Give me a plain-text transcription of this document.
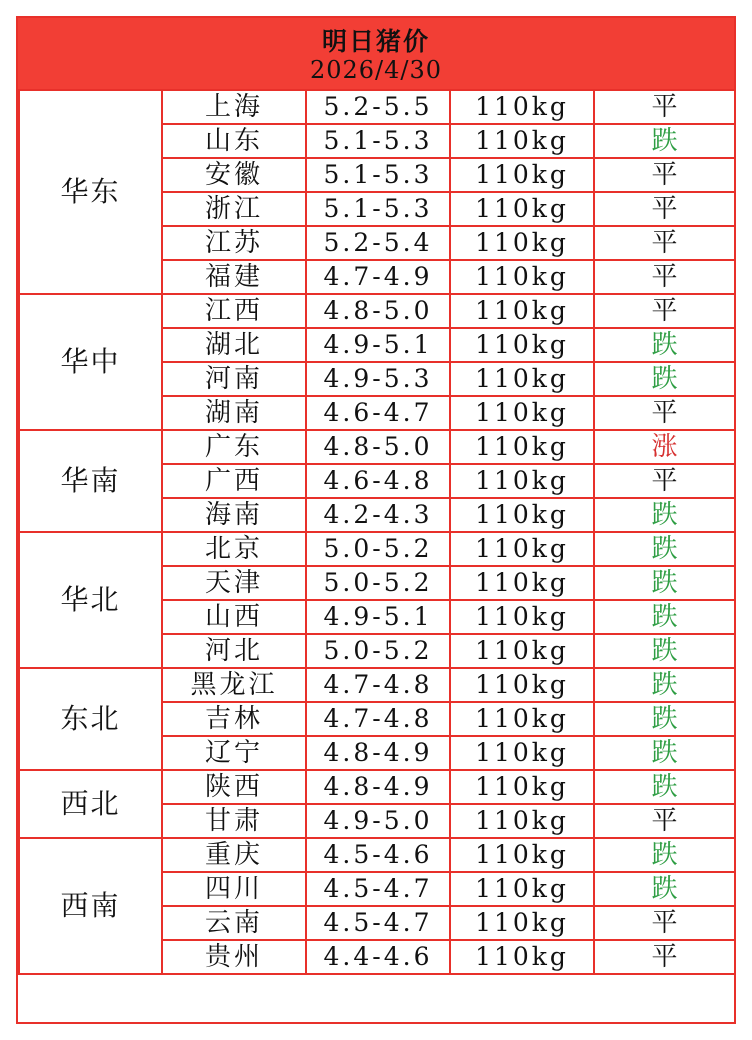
明日猪价
2026/4/30
华东	上海	5.2-5.5	110kg	平
	山东	5.1-5.3	110kg	跌
	安徽	5.1-5.3	110kg	平
	浙江	5.1-5.3	110kg	平
	江苏	5.2-5.4	110kg	平
	福建	4.7-4.9	110kg	平
华中	江西	4.8-5.0	110kg	平
	湖北	4.9-5.1	110kg	跌
	河南	4.9-5.3	110kg	跌
	湖南	4.6-4.7	110kg	平
华南	广东	4.8-5.0	110kg	涨
	广西	4.6-4.8	110kg	平
	海南	4.2-4.3	110kg	跌
华北	北京	5.0-5.2	110kg	跌
	天津	5.0-5.2	110kg	跌
	山西	4.9-5.1	110kg	跌
	河北	5.0-5.2	110kg	跌
东北	黑龙江	4.7-4.8	110kg	跌
	吉林	4.7-4.8	110kg	跌
	辽宁	4.8-4.9	110kg	跌
西北	陕西	4.8-4.9	110kg	跌
	甘肃	4.9-5.0	110kg	平
西南	重庆	4.5-4.6	110kg	跌
	四川	4.5-4.7	110kg	跌
	云南	4.5-4.7	110kg	平
	贵州	4.4-4.6	110kg	平
